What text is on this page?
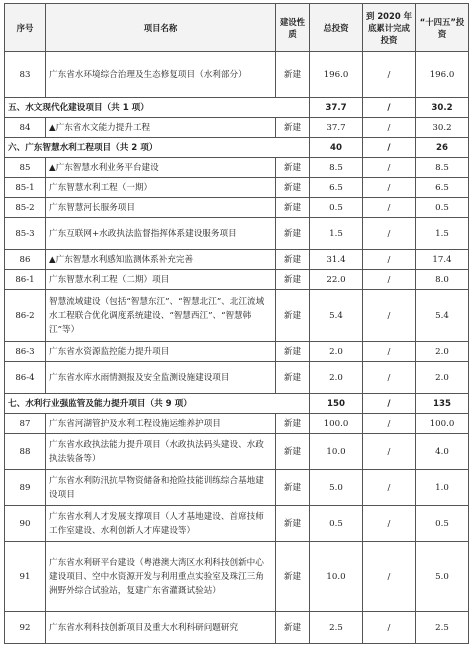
序号	项目名称	建设性质	总投资	到 2020 年底累计完成投资	“十四五”投资
83	广东省水环境综合治理及生态修复项目（水利部分）	新建	196.0	/	196.0
五、水文现代化建设项目（共 1 项）			37.7	/	30.2
84	▲广东省水文能力提升工程	新建	37.7	/	30.2
六、广东智慧水利工程项目（共 2 项）			40	/	26
85	▲广东智慧水利业务平台建设	新建	8.5	/	8.5
85-1	广东智慧水利工程（一期）	新建	6.5	/	6.5
85-2	广东智慧河长服务项目	新建	0.5	/	0.5
85-3	广东互联网+水政执法监督指挥体系建设服务项目	新建	1.5	/	1.5
86	▲广东智慧水利感知监测体系补充完善	新建	31.4	/	17.4
86-1	广东智慧水利工程（二期）项目	新建	22.0	/	8.0
86-2	智慧流域建设（包括“智慧东江”、“智慧北江”、北江流域水工程联合优化调度系统建设、“智慧西江”、“智慧韩江”等）	新建	5.4	/	5.4
86-3	广东省水资源监控能力提升项目	新建	2.0	/	2.0
86-4	广东省水库水雨情测报及安全监测设施建设项目	新建	2.0	/	2.0
七、水利行业强监管及能力提升项目（共 9 项）			150	/	135
87	广东省河湖管护及水利工程设施运维养护项目	新建	100.0	/	100.0
88	广东省水政执法能力提升项目（水政执法码头建设、水政执法装备等）	新建	10.0	/	4.0
89	广东省水利防汛抗旱物资储备和抢险技能训练综合基地建设项目	新建	5.0	/	1.0
90	广东省水利人才发展支撑项目（人才基地建设、首席技师工作室建设、水利创新人才库建设等）	新建	0.5	/	0.5
91	广东省水利研平台建设（粤港澳大湾区水利科技创新中心建设项目、空中水资源开发与利用重点实验室及珠江三角洲野外综合试验站，复建广东省灌溉试验站）	新建	10.0	/	5.0
92	广东省水利科技创新项目及重大水利科研问题研究	新建	2.5	/	2.5
